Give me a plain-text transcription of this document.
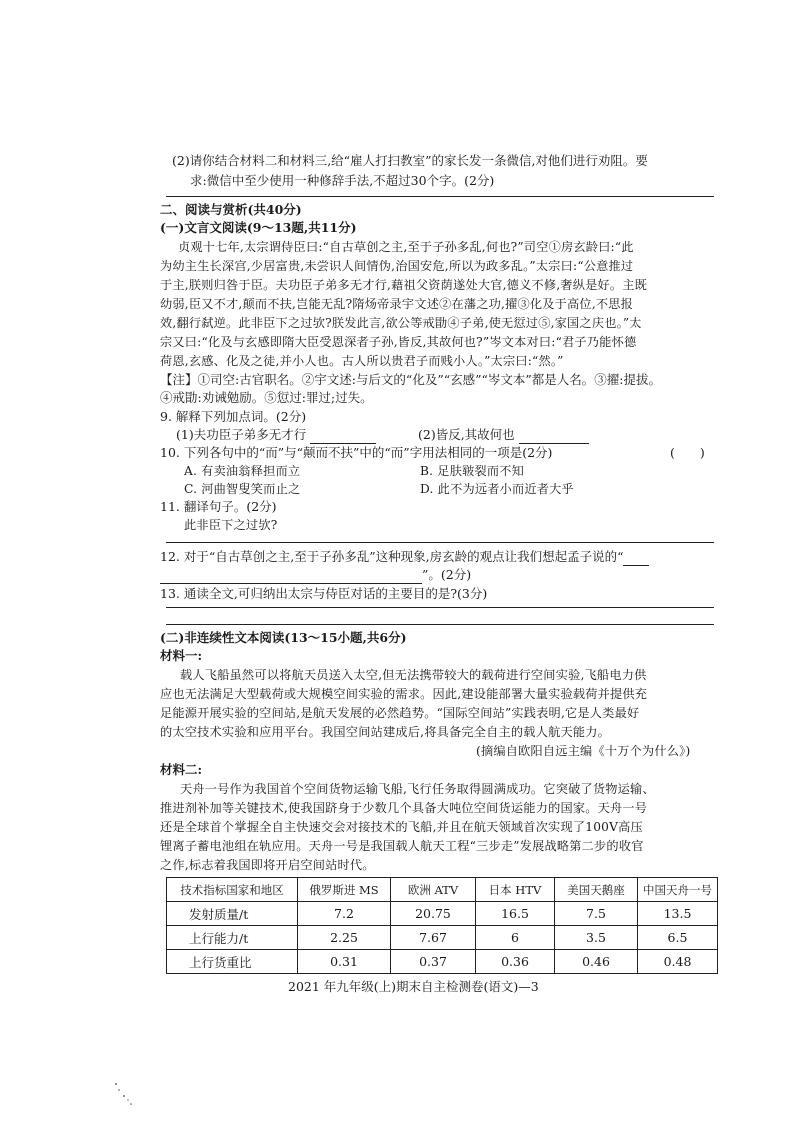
(2)请你结合材料二和材料三,给“雇人打扫教室”的家长发一条微信,对他们进行劝阻。要
求:微信中至少使用一种修辞手法,不超过30个字。(2分)
二、阅读与赏析(共40分)
(一)文言文阅读(9～13题,共11分)
贞观十七年,太宗谓侍臣曰:“自古草创之主,至于子孙多乱,何也?”司空①房玄龄曰:“此
为幼主生长深宫,少居富贵,未尝识人间情伪,治国安危,所以为政多乱。”太宗曰:“公意推过
于主,朕则归咎于臣。夫功臣子弟多无才行,藉祖父资荫遂处大官,德义不修,奢纵是好。主既
幼弱,臣又不才,颠而不扶,岂能无乱?隋炀帝录宇文述②在藩之功,擢③化及于高位,不思报
效,翻行弑逆。此非臣下之过欤?朕发此言,欲公等戒勖④子弟,使无愆过⑤,家国之庆也。”太
宗又曰:“化及与玄感即隋大臣受恩深者子孙,皆反,其故何也?”岑文本对曰:“君子乃能怀德
荷恩,玄感、化及之徒,并小人也。古人所以贵君子而贱小人。”太宗曰:“然。”
【注】①司空:古官职名。②宇文述:与后文的“化及”“玄感”“岑文本”都是人名。③擢:提拔。
④戒勖:劝诫勉励。⑤愆过:罪过;过失。
9. 解释下列加点词。(2分)
(1)夫功臣子弟多无才行	(2)皆反,其故何也
10. 下列各句中的“而”与“颠而不扶”中的“而”字用法相同的一项是(2分)	(　　)
A. 有卖油翁释担而立	B. 足肤皲裂而不知
C. 河曲智叟笑而止之	D. 此不为远者小而近者大乎
11. 翻译句子。(2分)
此非臣下之过欤?
12. 对于“自古草创之主,至于子孙多乱”这种现象,房玄龄的观点让我们想起孟子说的“
”。(2分)
13. 通读全文,可归纳出太宗与侍臣对话的主要目的是?(3分)
(二)非连续性文本阅读(13～15小题,共6分)
材料一:
载人飞船虽然可以将航天员送入太空,但无法携带较大的载荷进行空间实验,飞船电力供
应也无法满足大型载荷或大规模空间实验的需求。因此,建设能部署大量实验载荷并提供充
足能源开展实验的空间站,是航天发展的必然趋势。“国际空间站”实践表明,它是人类最好
的太空技术实验和应用平台。我国空间站建成后,将具备完全自主的载人航天能力。
(摘编自欧阳自远主编《十万个为什么》)
材料二:
天舟一号作为我国首个空间货物运输飞船,飞行任务取得圆满成功。它突破了货物运输、
推进剂补加等关键技术,使我国跻身于少数几个具备大吨位空间货运能力的国家。天舟一号
还是全球首个掌握全自主快速交会对接技术的飞船,并且在航天领域首次实现了100V高压
锂离子蓄电池组在轨应用。天舟一号是我国载人航天工程“三步走”发展战略第二步的收官
之作,标志着我国即将开启空间站时代。
技术指标国家和地区	俄罗斯进 MS	欧洲 ATV	日本 HTV	美国天鹅座	中国天舟一号
发射质量/t	7.2	20.75	16.5	7.5	13.5
上行能力/t	2.25	7.67	6	3.5	6.5
上行货重比	0.31	0.37	0.36	0.46	0.48
2021 年九年级(上)期末自主检测卷(语文)—3
